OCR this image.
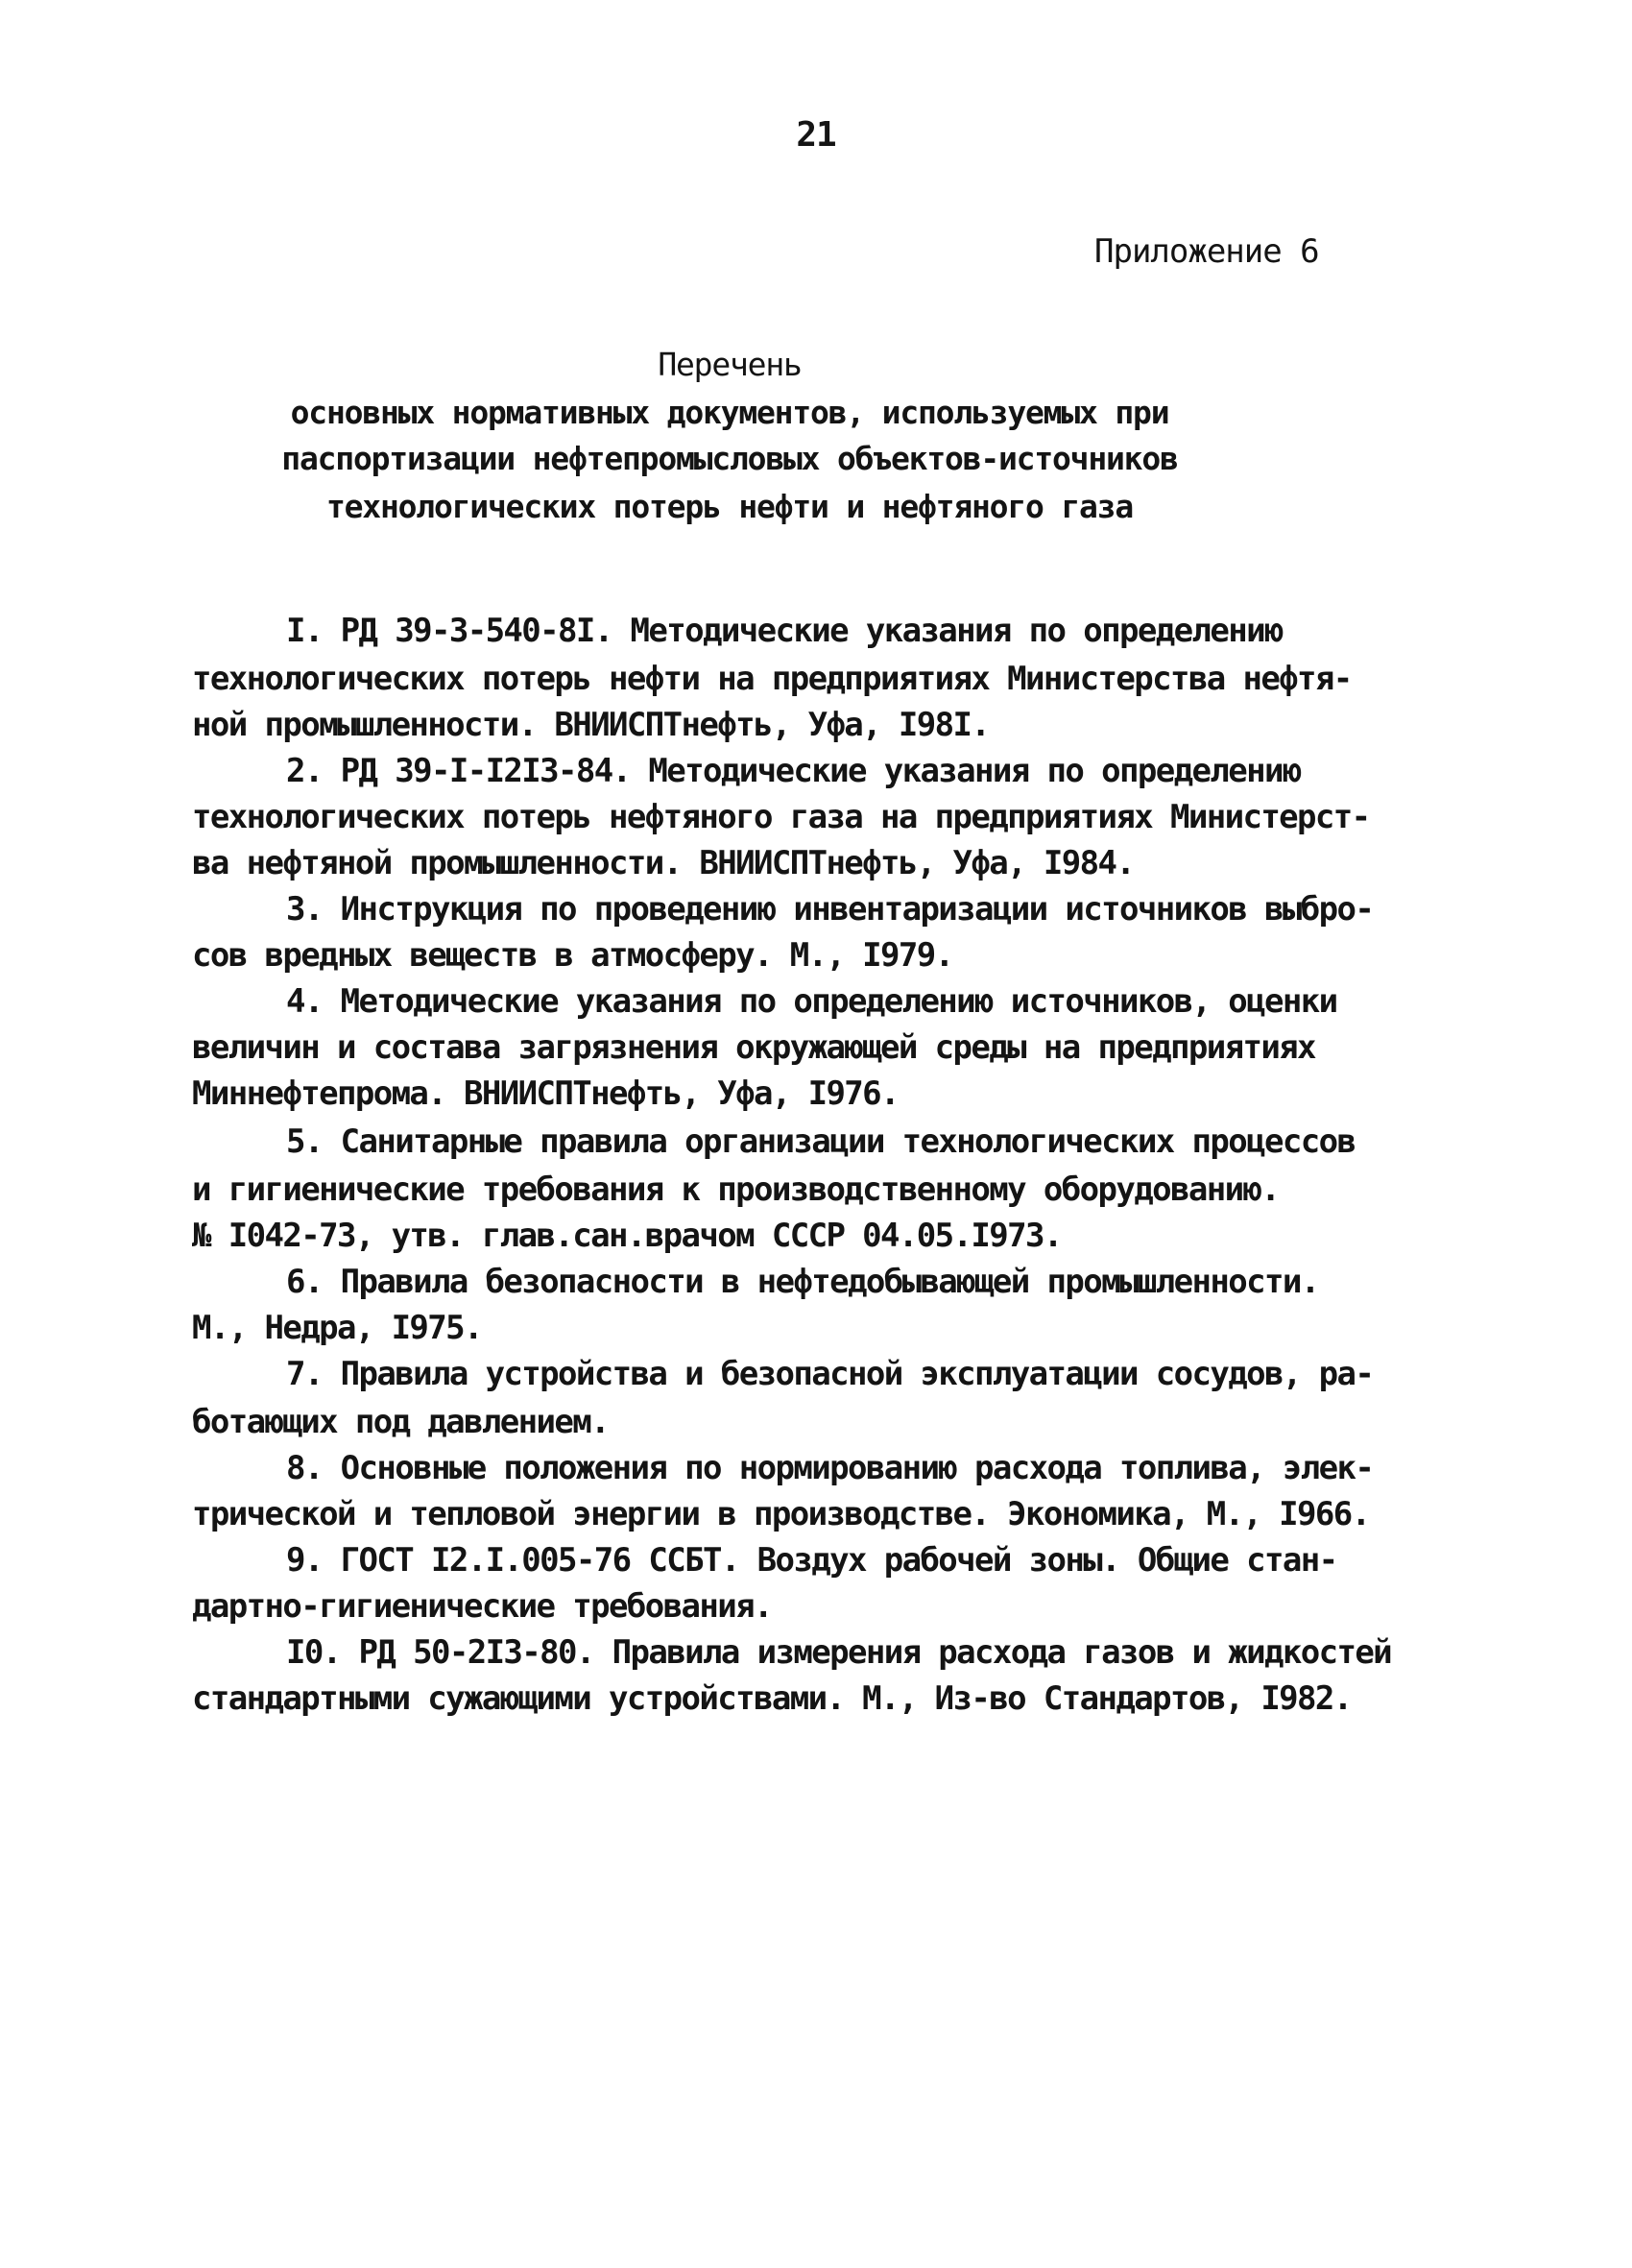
21
Приложение 6
Перечень
основных нормативных документов, используемых при
паспортизации нефтепромысловых объектов-источников
технологических потерь нефти и нефтяного газа
I. РД 39-3-540-8I. Методические указания по определению
технологических потерь нефти на предприятиях Министерства нефтя-
ной промышленности. ВНИИСПТнефть, Уфа, I98I.
2. РД 39-I-I2I3-84. Методические указания по определению
технологических потерь нефтяного газа на предприятиях Министерст-
ва нефтяной промышленности. ВНИИСПТнефть, Уфа, I984.
3. Инструкция по проведению инвентаризации источников выбро-
сов вредных веществ в атмосферу. М., I979.
4. Методические указания по определению источников, оценки
величин и состава загрязнения окружающей среды на предприятиях
Миннефтепрома. ВНИИСПТнефть, Уфа, I976.
5. Санитарные правила организации технологических процессов
и гигиенические требования к производственному оборудованию.
№ I042-73, утв. глав.сан.врачом СССР 04.05.I973.
6. Правила безопасности в нефтедобывающей промышленности.
М., Недра, I975.
7. Правила устройства и безопасной эксплуатации сосудов, ра-
ботающих под давлением.
8. Основные положения по нормированию расхода топлива, элек-
трической и тепловой энергии в производстве. Экономика, М., I966.
9. ГОСТ I2.I.005-76 ССБТ. Воздух рабочей зоны. Общие стан-
дартно-гигиенические требования.
I0. РД 50-2I3-80. Правила измерения расхода газов и жидкостей
стандартными сужающими устройствами. М., Из-во Стандартов, I982.
